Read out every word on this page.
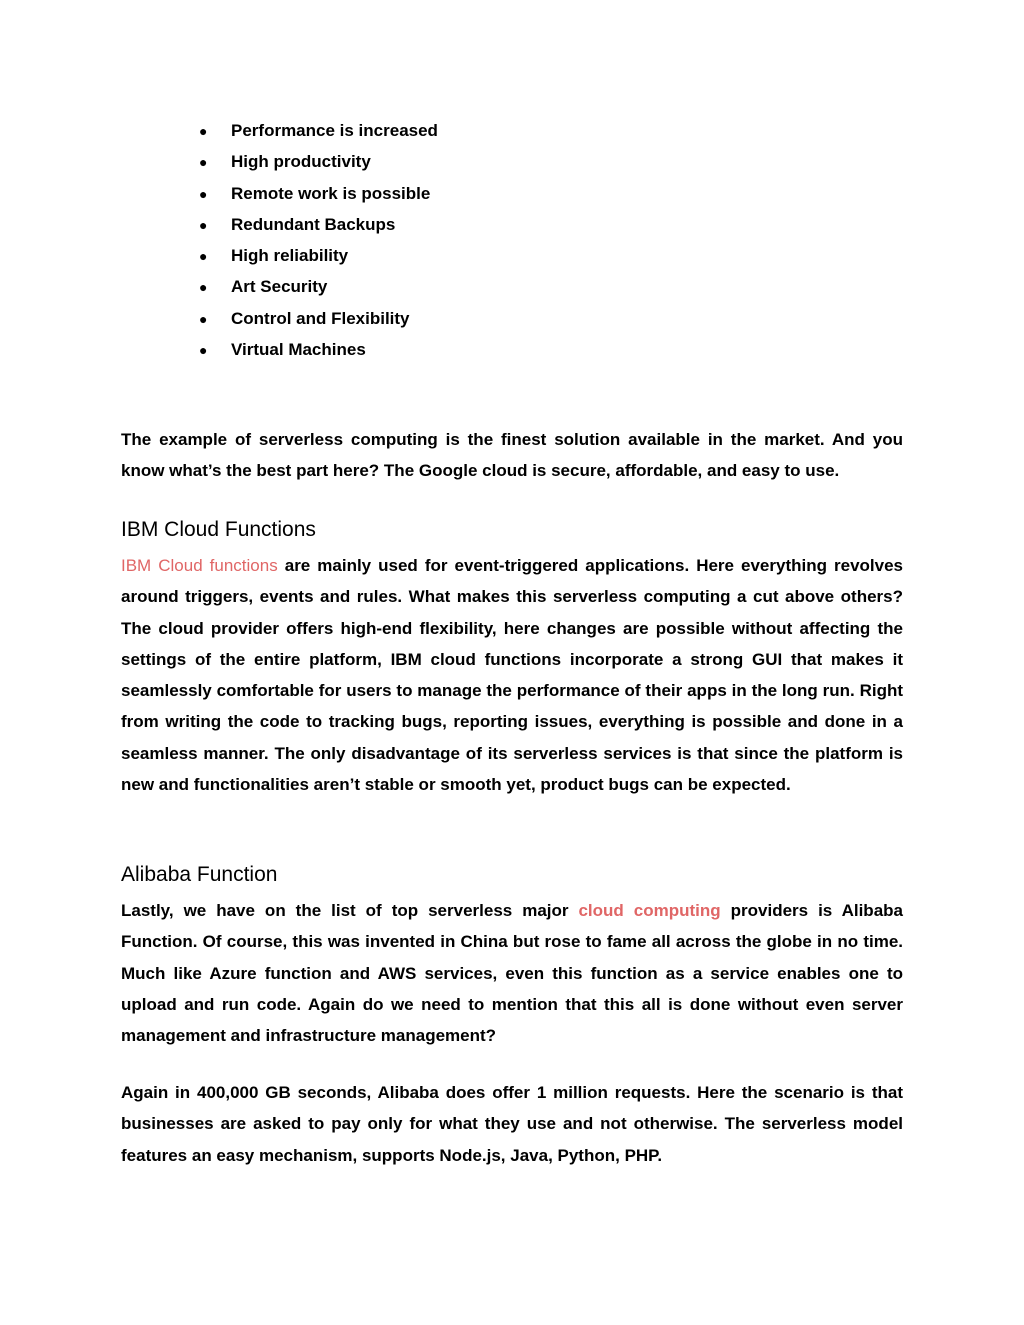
● Performance is increased
● High productivity
● Remote work is possible
● Redundant Backups
● High reliability
● Art Security
● Control and Flexibility
● Virtual Machines

The example of serverless computing is the finest solution available in the market. And you know what’s the best part here? The Google cloud is secure, affordable, and easy to use.

IBM Cloud Functions

IBM Cloud functions are mainly used for event-triggered applications. Here everything revolves around triggers, events and rules. What makes this serverless computing a cut above others? The cloud provider offers high-end flexibility, here changes are possible without affecting the settings of the entire platform, IBM cloud functions incorporate a strong GUI that makes it seamlessly comfortable for users to manage the performance of their apps in the long run. Right from writing the code to tracking bugs, reporting issues, everything is possible and done in a seamless manner. The only disadvantage of its serverless services is that since the platform is new and functionalities aren’t stable or smooth yet, product bugs can be expected.

Alibaba Function

Lastly, we have on the list of top serverless major cloud computing providers is Alibaba Function. Of course, this was invented in China but rose to fame all across the globe in no time. Much like Azure function and AWS services, even this function as a service enables one to upload and run code. Again do we need to mention that this all is done without even server management and infrastructure management?

Again in 400,000 GB seconds, Alibaba does offer 1 million requests. Here the scenario is that businesses are asked to pay only for what they use and not otherwise. The serverless model features an easy mechanism, supports Node.js, Java, Python, PHP.
